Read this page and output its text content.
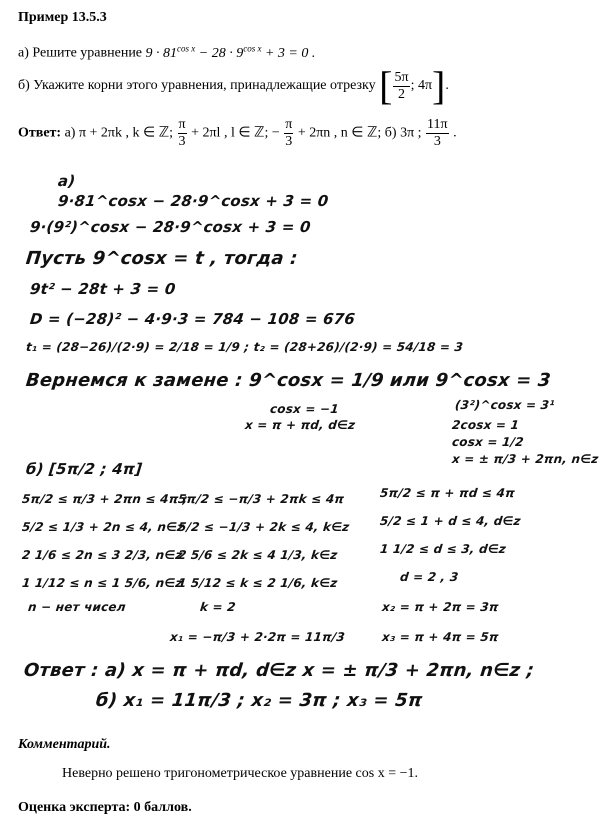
Пример 13.5.3
а) Решите уравнение $9 \cdot 81^{cos x} - 28 \cdot 9^{cos x} + 3 = 0$ .
б) Укажите корни этого уравнения, принадлежащие отрезку [ $\frac{5\pi}{2}$ ; 4π].
Ответ: а) π + 2πk , k ∈ ℤ; $\frac{\pi}{3} + 2\pi l$ , l ∈ ℤ; − $\frac{\pi}{3} + 2\pi n$ , n ∈ ℤ; б) 3π ; $\frac{11\pi}{3}$ .
а)
9·81^cosx − 28·9^cosx + 3 = 0
9·(9²)^cosx − 28·9^cosx + 3 = 0
Пусть 9^cosx = t , тогда :
9t² − 28t + 3 = 0
D = (−28)² − 4·9·3 = 784 − 108 = 676
t₁ = (28−26)/(2·9) = 2/18 = 1/9 ; t₂ = (28+26)/(2·9) = 54/18 = 3
Вернемся к замене : 9^cosx = 1/9 или 9^cosx = 3
cosx = −1
x = π + πd, d∈z
(3²)^cosx = 3¹
2cosx = 1
cosx = 1/2
x = ± π/3 + 2πn, n∈z
б) [5π/2 ; 4π]
5π/2 ≤ π/3 + 2πn ≤ 4π ;
5/2 ≤ 1/3 + 2n ≤ 4, n∈z
2 1/6 ≤ 2n ≤ 3 2/3, n∈z
1 1/12 ≤ n ≤ 1 5/6, n∈z
n − нет чисел
5π/2 ≤ −π/3 + 2πk ≤ 4π
5/2 ≤ −1/3 + 2k ≤ 4, k∈z
2 5/6 ≤ 2k ≤ 4 1/3, k∈z
1 5/12 ≤ k ≤ 2 1/6, k∈z
k = 2
5π/2 ≤ π + πd ≤ 4π
5/2 ≤ 1 + d ≤ 4, d∈z
1 1/2 ≤ d ≤ 3, d∈z
d = 2 , 3
x₂ = π + 2π = 3π
x₁ = −π/3 + 2·2π = 11π/3	x₃ = π + 4π = 5π
Ответ : а) x = π + πd, d∈z x = ± π/3 + 2πn, n∈z ;
б) x₁ = 11π/3 ; x₂ = 3π ; x₃ = 5π
Комментарий.
Неверно решено тригонометрическое уравнение cos x = −1.
Оценка эксперта: 0 баллов.
